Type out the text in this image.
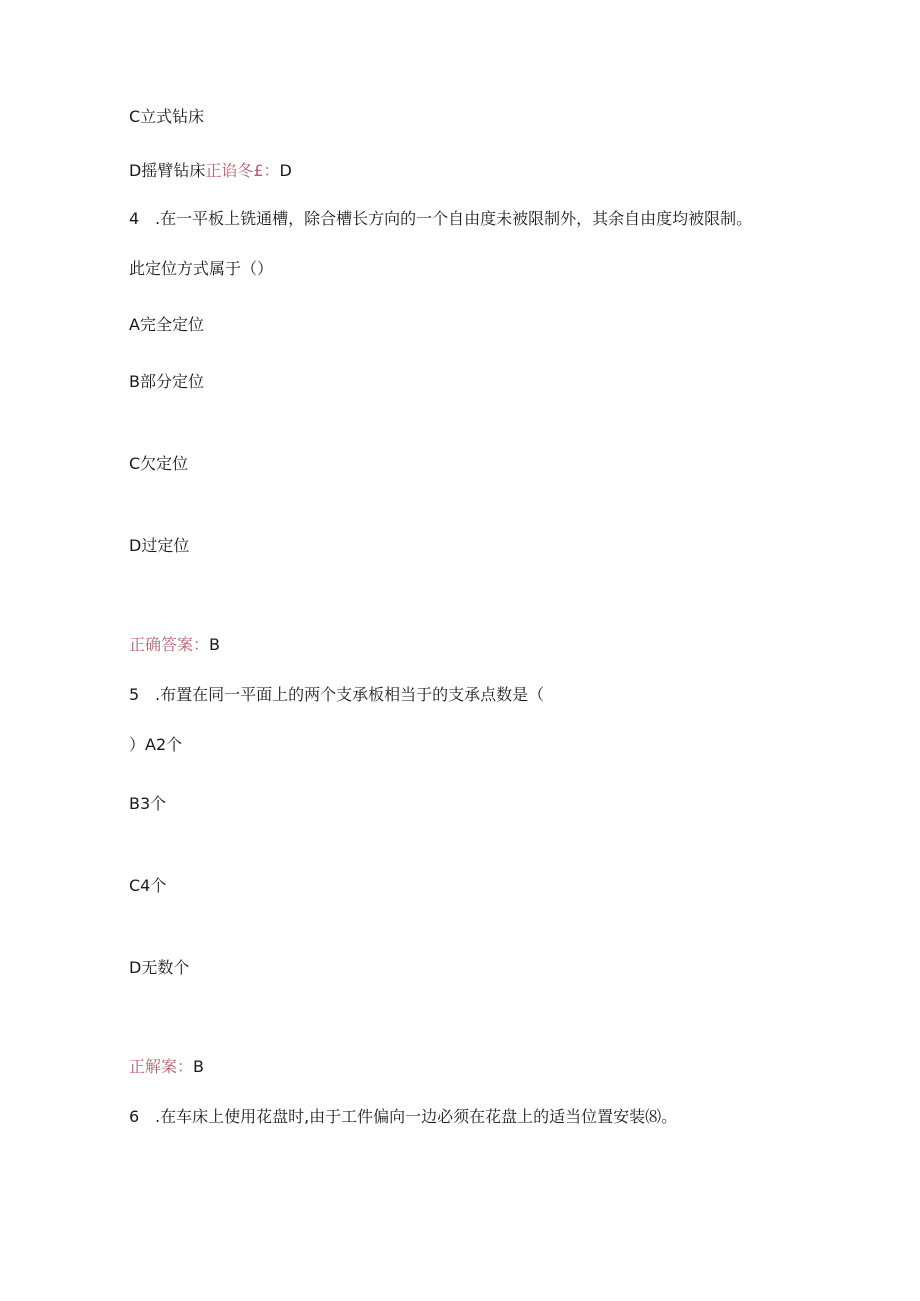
C立式钻床
D摇臂钻床正谄冬£：D
4 .在一平板上铣通槽，除合槽长方向的一个自由度未被限制外，其余自由度均被限制。
此定位方式属于（）
A完全定位
B部分定位
C欠定位
D过定位
正确答案：B
5 .布置在同一平面上的两个支承板相当于的支承点数是（
）A2个
B3个
C4个
D无数个
正解案：B
6 .在车床上使用花盘时,由于工件偏向一边必须在花盘上的适当位置安装⑻。
